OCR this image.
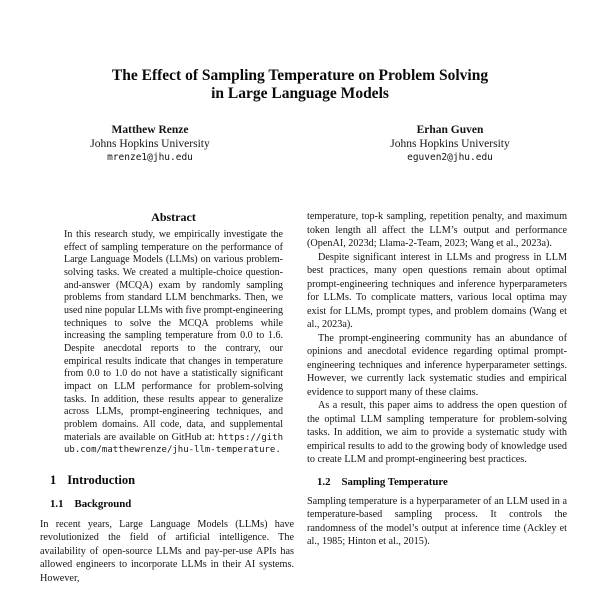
The Effect of Sampling Temperature on Problem Solving
in Large Language Models
Matthew Renze
Johns Hopkins University
mrenze1@jhu.edu
Erhan Guven
Johns Hopkins University
eguven2@jhu.edu
Abstract

In this research study, we empirically investigate the effect of sampling temperature on the performance of Large Language Models (LLMs) on various problem-solving tasks. We created a multiple-choice question-and-answer (MCQA) exam by randomly sampling problems from standard LLM benchmarks. Then, we used nine popular LLMs with five prompt-engineering techniques to solve the MCQA problems while increasing the sampling temperature from 0.0 to 1.6. Despite anecdotal reports to the contrary, our empirical results indicate that changes in temperature from 0.0 to 1.0 do not have a statistically significant impact on LLM performance for problem-solving tasks. In addition, these results appear to generalize across LLMs, prompt-engineering techniques, and problem domains. All code, data, and supplemental materials are available on GitHub at: https://github.com/matthewrenze/jhu-llm-temperature.

1 Introduction
1.1 Background

In recent years, Large Language Models (LLMs) have revolutionized the field of artificial intelligence. The availability of open-source LLMs and pay-per-use APIs has allowed engineers to incorporate LLMs in their AI systems. However,

temperature, top-k sampling, repetition penalty, and maximum token length all affect the LLM’s output and performance (OpenAI, 2023d; Llama-2-Team, 2023; Wang et al., 2023a).

Despite significant interest in LLMs and progress in LLM best practices, many open questions remain about optimal prompt-engineering techniques and inference hyperparameters for LLMs. To complicate matters, various local optima may exist for LLMs, prompt types, and problem domains (Wang et al., 2023a).

The prompt-engineering community has an abundance of opinions and anecdotal evidence regarding optimal prompt-engineering techniques and inference hyperparameter settings. However, we currently lack systematic studies and empirical evidence to support many of these claims.

As a result, this paper aims to address the open question of the optimal LLM sampling temperature for problem-solving tasks. In addition, we aim to provide a systematic study with empirical results to add to the growing body of knowledge used to create LLM and prompt-engineering best practices.

1.2 Sampling Temperature

Sampling temperature is a hyperparameter of an LLM used in a temperature-based sampling process. It controls the randomness of the model’s output at inference time (Ackley et al., 1985; Hinton et al., 2015).
